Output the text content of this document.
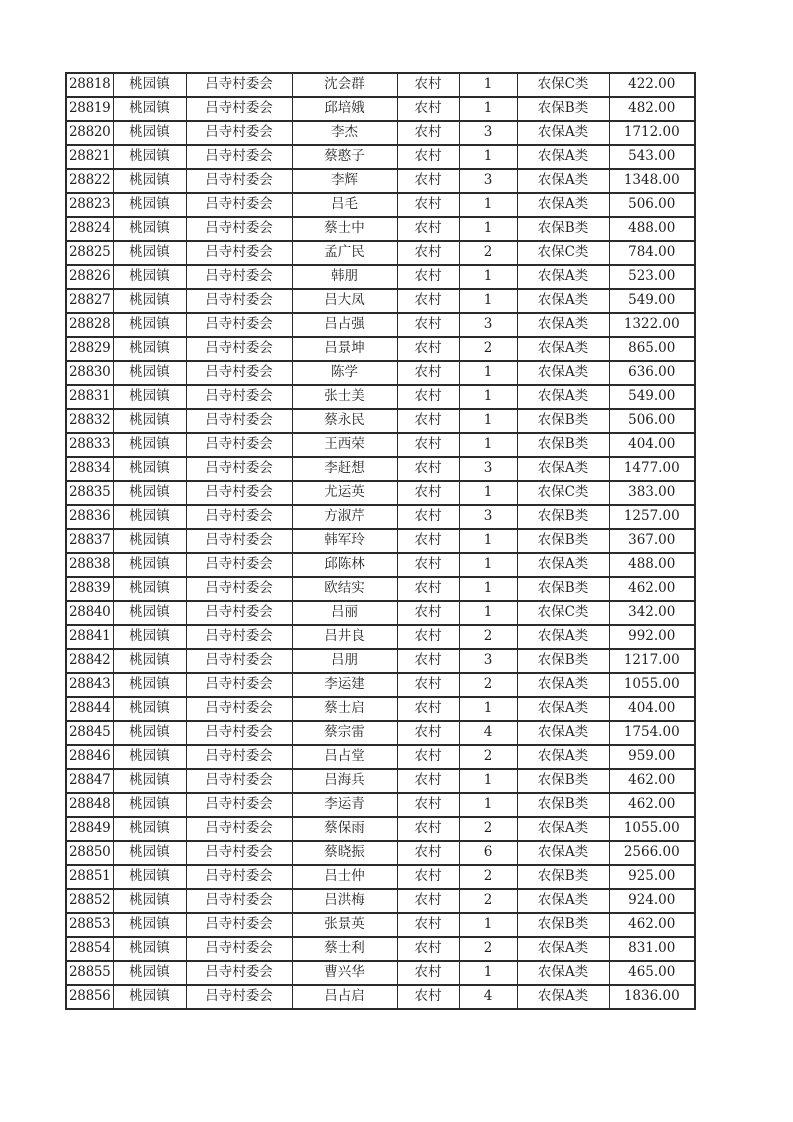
28818	桃园镇	吕寺村委会	沈会群	农村	1	农保C类	422.00
28819	桃园镇	吕寺村委会	邱培娥	农村	1	农保B类	482.00
28820	桃园镇	吕寺村委会	李杰	农村	3	农保A类	1712.00
28821	桃园镇	吕寺村委会	蔡憨子	农村	1	农保A类	543.00
28822	桃园镇	吕寺村委会	李辉	农村	3	农保A类	1348.00
28823	桃园镇	吕寺村委会	吕毛	农村	1	农保A类	506.00
28824	桃园镇	吕寺村委会	蔡士中	农村	1	农保B类	488.00
28825	桃园镇	吕寺村委会	孟广民	农村	2	农保C类	784.00
28826	桃园镇	吕寺村委会	韩朋	农村	1	农保A类	523.00
28827	桃园镇	吕寺村委会	吕大凤	农村	1	农保A类	549.00
28828	桃园镇	吕寺村委会	吕占强	农村	3	农保A类	1322.00
28829	桃园镇	吕寺村委会	吕景坤	农村	2	农保A类	865.00
28830	桃园镇	吕寺村委会	陈学	农村	1	农保A类	636.00
28831	桃园镇	吕寺村委会	张士美	农村	1	农保A类	549.00
28832	桃园镇	吕寺村委会	蔡永民	农村	1	农保B类	506.00
28833	桃园镇	吕寺村委会	王西荣	农村	1	农保B类	404.00
28834	桃园镇	吕寺村委会	李赶想	农村	3	农保A类	1477.00
28835	桃园镇	吕寺村委会	尤运英	农村	1	农保C类	383.00
28836	桃园镇	吕寺村委会	方淑芹	农村	3	农保B类	1257.00
28837	桃园镇	吕寺村委会	韩军玲	农村	1	农保B类	367.00
28838	桃园镇	吕寺村委会	邱陈林	农村	1	农保A类	488.00
28839	桃园镇	吕寺村委会	欧结实	农村	1	农保B类	462.00
28840	桃园镇	吕寺村委会	吕丽	农村	1	农保C类	342.00
28841	桃园镇	吕寺村委会	吕井良	农村	2	农保A类	992.00
28842	桃园镇	吕寺村委会	吕朋	农村	3	农保B类	1217.00
28843	桃园镇	吕寺村委会	李运建	农村	2	农保A类	1055.00
28844	桃园镇	吕寺村委会	蔡士启	农村	1	农保A类	404.00
28845	桃园镇	吕寺村委会	蔡宗雷	农村	4	农保A类	1754.00
28846	桃园镇	吕寺村委会	吕占堂	农村	2	农保A类	959.00
28847	桃园镇	吕寺村委会	吕海兵	农村	1	农保B类	462.00
28848	桃园镇	吕寺村委会	李运青	农村	1	农保B类	462.00
28849	桃园镇	吕寺村委会	蔡保雨	农村	2	农保A类	1055.00
28850	桃园镇	吕寺村委会	蔡晓振	农村	6	农保A类	2566.00
28851	桃园镇	吕寺村委会	吕士仲	农村	2	农保B类	925.00
28852	桃园镇	吕寺村委会	吕洪梅	农村	2	农保A类	924.00
28853	桃园镇	吕寺村委会	张景英	农村	1	农保B类	462.00
28854	桃园镇	吕寺村委会	蔡士利	农村	2	农保A类	831.00
28855	桃园镇	吕寺村委会	曹兴华	农村	1	农保A类	465.00
28856	桃园镇	吕寺村委会	吕占启	农村	4	农保A类	1836.00
